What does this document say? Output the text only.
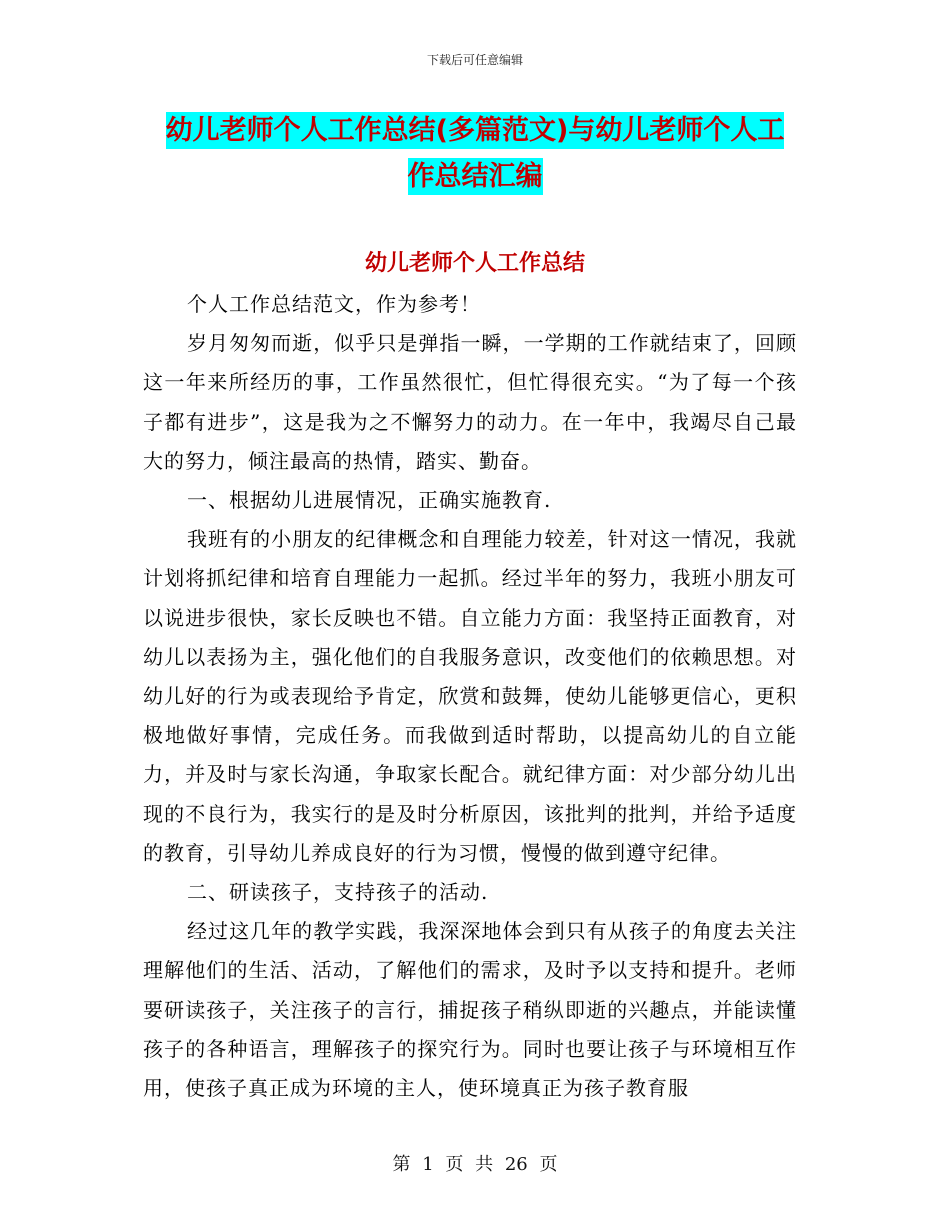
下载后可任意编辑
幼儿老师个人工作总结(多篇范文)与幼儿老师个人工
作总结汇编
幼儿老师个人工作总结

个人工作总结范文，作为参考！

岁月匆匆而逝，似乎只是弹指一瞬，一学期的工作就结束了，回顾这一年来所经历的事，工作虽然很忙，但忙得很充实。“为了每一个孩子都有进步”，这是我为之不懈努力的动力。在一年中，我竭尽自己最大的努力，倾注最高的热情，踏实、勤奋。

一、根据幼儿进展情况，正确实施教育.

我班有的小朋友的纪律概念和自理能力较差，针对这一情况，我就计划将抓纪律和培育自理能力一起抓。经过半年的努力，我班小朋友可以说进步很快，家长反映也不错。自立能力方面：我坚持正面教育，对幼儿以表扬为主，强化他们的自我服务意识，改变他们的依赖思想。对幼儿好的行为或表现给予肯定，欣赏和鼓舞，使幼儿能够更信心，更积极地做好事情，完成任务。而我做到适时帮助，以提高幼儿的自立能力，并及时与家长沟通，争取家长配合。就纪律方面：对少部分幼儿出现的不良行为，我实行的是及时分析原因，该批判的批判，并给予适度的教育，引导幼儿养成良好的行为习惯，慢慢的做到遵守纪律。

二、研读孩子，支持孩子的活动.

经过这几年的教学实践，我深深地体会到只有从孩子的角度去关注理解他们的生活、活动，了解他们的需求，及时予以支持和提升。老师要研读孩子，关注孩子的言行，捕捉孩子稍纵即逝的兴趣点，并能读懂孩子的各种语言，理解孩子的探究行为。同时也要让孩子与环境相互作用，使孩子真正成为环境的主人，使环境真正为孩子教育服

第 1 页 共 26 页
